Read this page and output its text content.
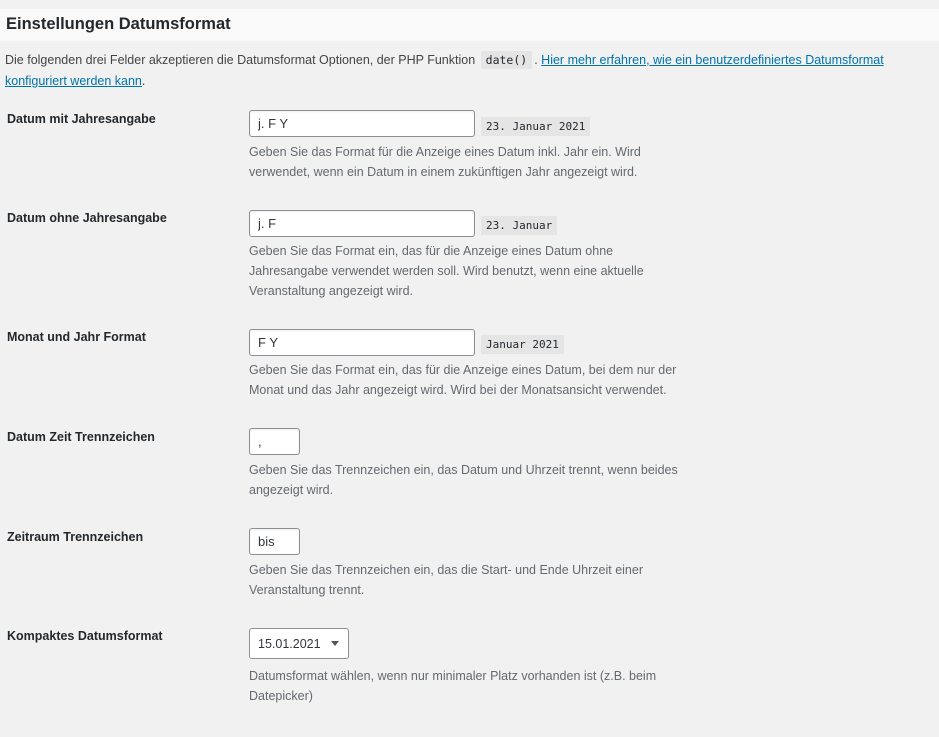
Einstellungen Datumsformat
Die folgenden drei Felder akzeptieren die Datumsformat Optionen, der PHP Funktion date() . Hier mehr erfahren, wie ein benutzerdefiniertes Datumsformat konfiguriert werden kann.
Datum mit Jahresangabe
j. F Y
23. Januar 2021
Geben Sie das Format für die Anzeige eines Datum inkl. Jahr ein. Wird verwendet, wenn ein Datum in einem zukünftigen Jahr angezeigt wird.
Datum ohne Jahresangabe
j. F
23. Januar
Geben Sie das Format ein, das für die Anzeige eines Datum ohne Jahresangabe verwendet werden soll. Wird benutzt, wenn eine aktuelle Veranstaltung angezeigt wird.
Monat und Jahr Format
F Y
Januar 2021
Geben Sie das Format ein, das für die Anzeige eines Datum, bei dem nur der Monat und das Jahr angezeigt wird. Wird bei der Monatsansicht verwendet.
Datum Zeit Trennzeichen
,
Geben Sie das Trennzeichen ein, das Datum und Uhrzeit trennt, wenn beides angezeigt wird.
Zeitraum Trennzeichen
bis
Geben Sie das Trennzeichen ein, das die Start- und Ende Uhrzeit einer Veranstaltung trennt.
Kompaktes Datumsformat
15.01.2021
Datumsformat wählen, wenn nur minimaler Platz vorhanden ist (z.B. beim Datepicker)
